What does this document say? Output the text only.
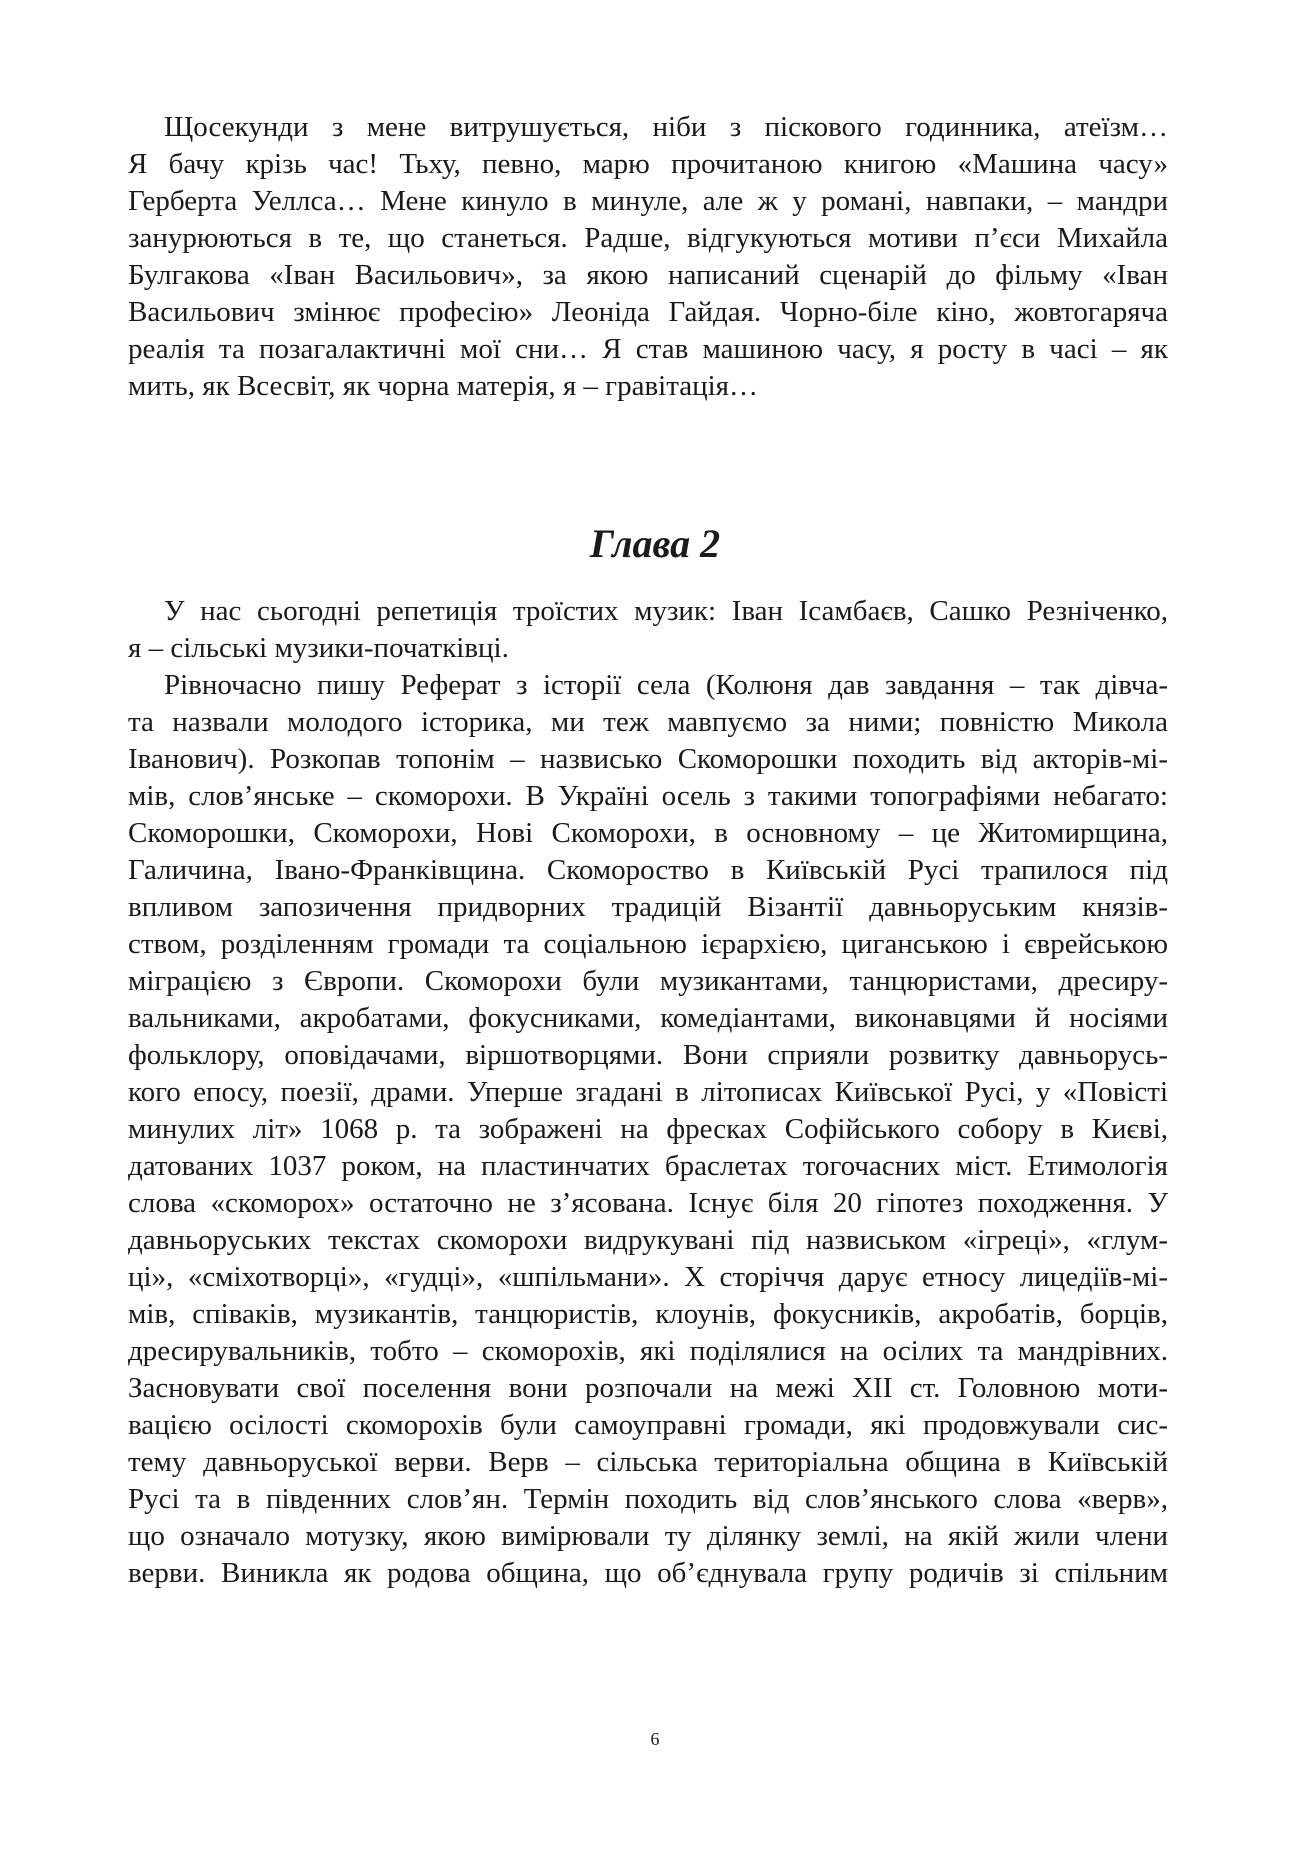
Щосекунди з мене витрушується, ніби з піскового годинника, атеїзм…

Я бачу крізь час! Тьху, певно, марю прочитаною книгою «Машина часу»

Герберта Уеллса… Мене кинуло в минуле, але ж у романі, навпаки, – мандри

занурюються в те, що станеться. Радше, відгукуються мотиви п’єси Михайла

Булгакова «Іван Васильович», за якою написаний сценарій до фільму «Іван

Васильович змінює професію» Леоніда Гайдая. Чорно-біле кіно, жовтогаряча

реалія та позагалактичні мої сни… Я став машиною часу, я росту в часі – як

мить, як Всесвіт, як чорна матерія, я – гравітація…

Глава 2

У нас сьогодні репетиція троїстих музик: Іван Ісамбаєв, Сашко Резніченко,

я – сільські музики-початківці.

Рівночасно пишу Реферат з історії села (Колюня дав завдання – так дівча-

та назвали молодого історика, ми теж мавпуємо за ними; повністю Микола

Іванович). Розкопав топонім – назвисько Скоморошки походить від акторів-мі-

мів, слов’янське – скоморохи. В Україні осель з такими топографіями небагато:

Скоморошки, Скоморохи, Нові Скоморохи, в основному – це Житомирщина,

Галичина, Івано-Франківщина. Скомороство в Київській Русі трапилося під

впливом запозичення придворних традицій Візантії давньоруським князів-

ством, розділенням громади та соціальною ієрархією, циганською і єврейською

міграцією з Європи. Скоморохи були музикантами, танцюристами, дресиру-

вальниками, акробатами, фокусниками, комедіантами, виконавцями й носіями

фольклору, оповідачами, віршотворцями. Вони сприяли розвитку давньорусь-

кого епосу, поезії, драми. Уперше згадані в літописах Київської Русі, у «Повісті

минулих літ» 1068 р. та зображені на фресках Софійського собору в Києві,

датованих 1037 роком, на пластинчатих браслетах тогочасних міст. Етимологія

слова «скоморох» остаточно не з’ясована. Існує біля 20 гіпотез походження. У

давньоруських текстах скоморохи видрукувані під назвиськом «ігреці», «глум-

ці», «сміхотворці», «гудці», «шпільмани». Х сторіччя дарує етносу лицедіїв-мі-

мів, співаків, музикантів, танцюристів, клоунів, фокусників, акробатів, борців,

дресирувальників, тобто – скоморохів, які поділялися на осілих та мандрівних.

Засновувати свої поселення вони розпочали на межі ХІІ ст. Головною моти-

вацією осілості скоморохів були самоуправні громади, які продовжували сис-

тему давньоруської верви. Верв – сільська територіальна община в Київській

Русі та в південних слов’ян. Термін походить від слов’янського слова «верв»,

що означало мотузку, якою вимірювали ту ділянку землі, на якій жили члени

верви. Виникла як родова община, що об’єднувала групу родичів зі спільним

6
